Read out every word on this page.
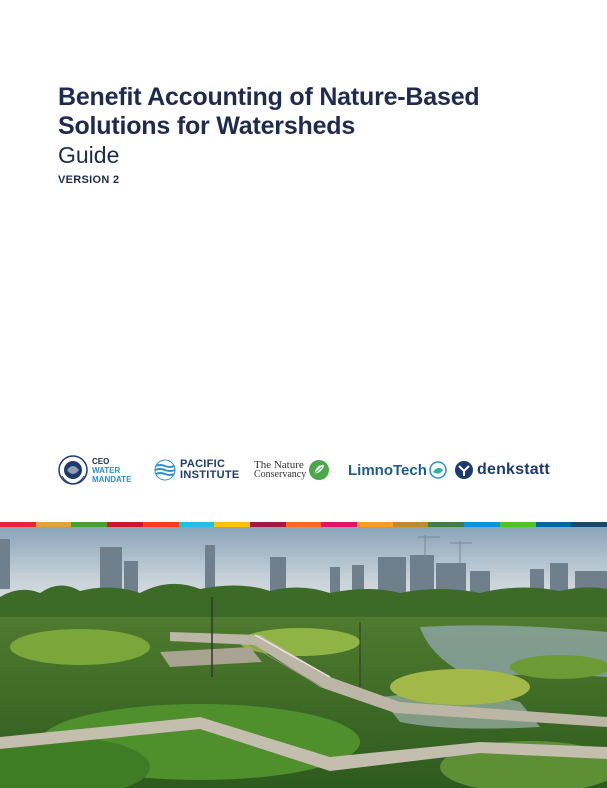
Benefit Accounting of Nature-Based
Solutions for Watersheds
Guide
VERSION 2
CEO
WATER
MANDATE
PACIFIC
INSTITUTE
The Nature
Conservancy	LimnoTech	denkstatt
